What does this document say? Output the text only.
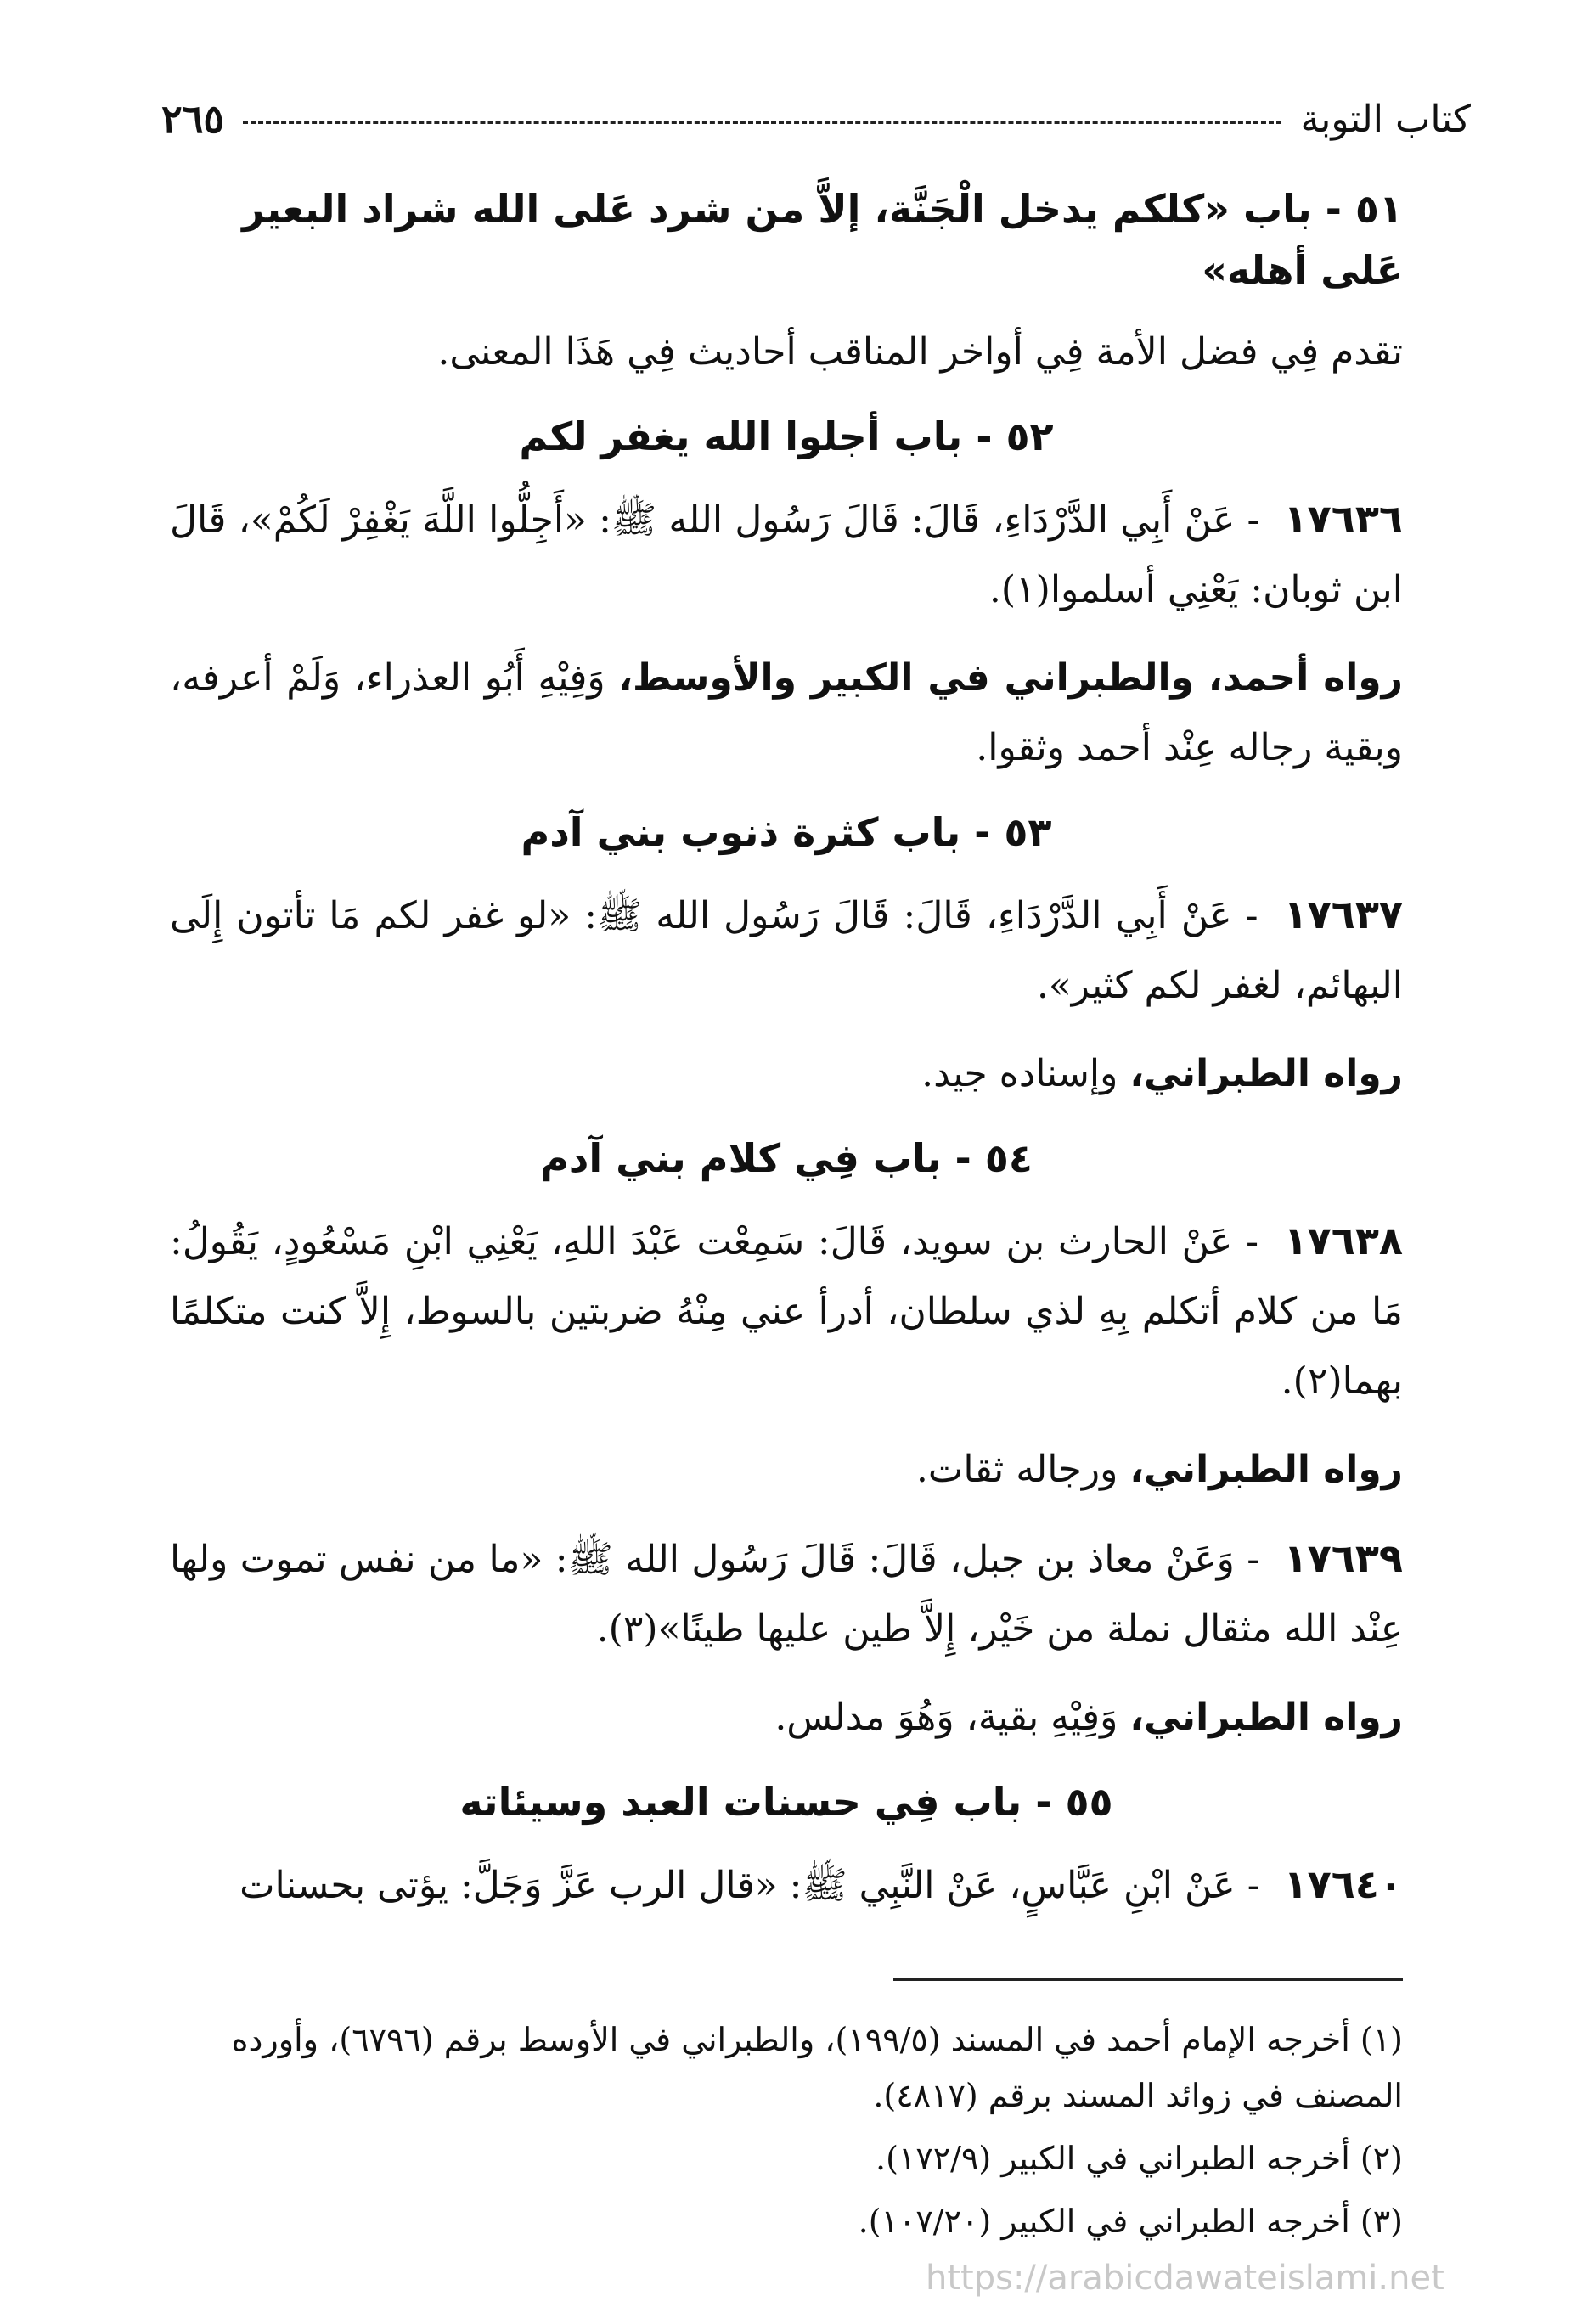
كتاب التوبة
٢٦٥
٥١ - باب «كلكم يدخل الْجَنَّة، إلاَّ من شرد عَلى الله شراد البعير عَلى أهله»

تقدم فِي فضل الأمة فِي أواخر المناقب أحاديث فِي هَذَا المعنى.

٥٢ - باب أجلوا الله يغفر لكم

١٧٦٣٦ - عَنْ أَبِي الدَّرْدَاءِ، قَالَ: قَالَ رَسُول الله ﷺ: «أَجِلُّوا اللَّهَ يَغْفِرْ لَكُمْ»، قَالَ ابن ثوبان: يَعْنِي أسلموا(١).

رواه أحمد، والطبراني في الكبير والأوسط، وَفِيْهِ أَبُو العذراء، وَلَمْ أعرفه، وبقية رجاله عِنْد أحمد وثقوا.

٥٣ - باب كثرة ذنوب بني آدم

١٧٦٣٧ - عَنْ أَبِي الدَّرْدَاءِ، قَالَ: قَالَ رَسُول الله ﷺ: «لو غفر لكم مَا تأتون إِلَى البهائم، لغفر لكم كثير».

رواه الطبراني، وإسناده جيد.

٥٤ - باب فِي كلام بني آدم

١٧٦٣٨ - عَنْ الحارث بن سويد، قَالَ: سَمِعْت عَبْدَ اللهِ، يَعْنِي ابْنِ مَسْعُودٍ، يَقُولُ: مَا من كلام أتكلم بِهِ لذي سلطان، أدرأ عني مِنْهُ ضربتين بالسوط، إِلاَّ كنت متكلمًا بهما(٢).

رواه الطبراني، ورجاله ثقات.

١٧٦٣٩ - وَعَنْ معاذ بن جبل، قَالَ: قَالَ رَسُول الله ﷺ: «ما من نفس تموت ولها عِنْد الله مثقال نملة من خَيْر، إِلاَّ طين عليها طينًا»(٣).

رواه الطبراني، وَفِيْهِ بقية، وَهُوَ مدلس.

٥٥ - باب فِي حسنات العبد وسيئاته

١٧٦٤٠ - عَنْ ابْنِ عَبَّاسٍ، عَنْ النَّبِي ﷺ: «قال الرب عَزَّ وَجَلَّ: يؤتى بحسنات

(١) أخرجه الإمام أحمد في المسند (١٩٩/٥)، والطبراني في الأوسط برقم (٦٧٩٦)، وأورده المصنف في زوائد المسند برقم (٤٨١٧).

(٢) أخرجه الطبراني في الكبير (١٧٢/٩).

(٣) أخرجه الطبراني في الكبير (١٠٧/٢٠).

https://arabicdawateislami.net
